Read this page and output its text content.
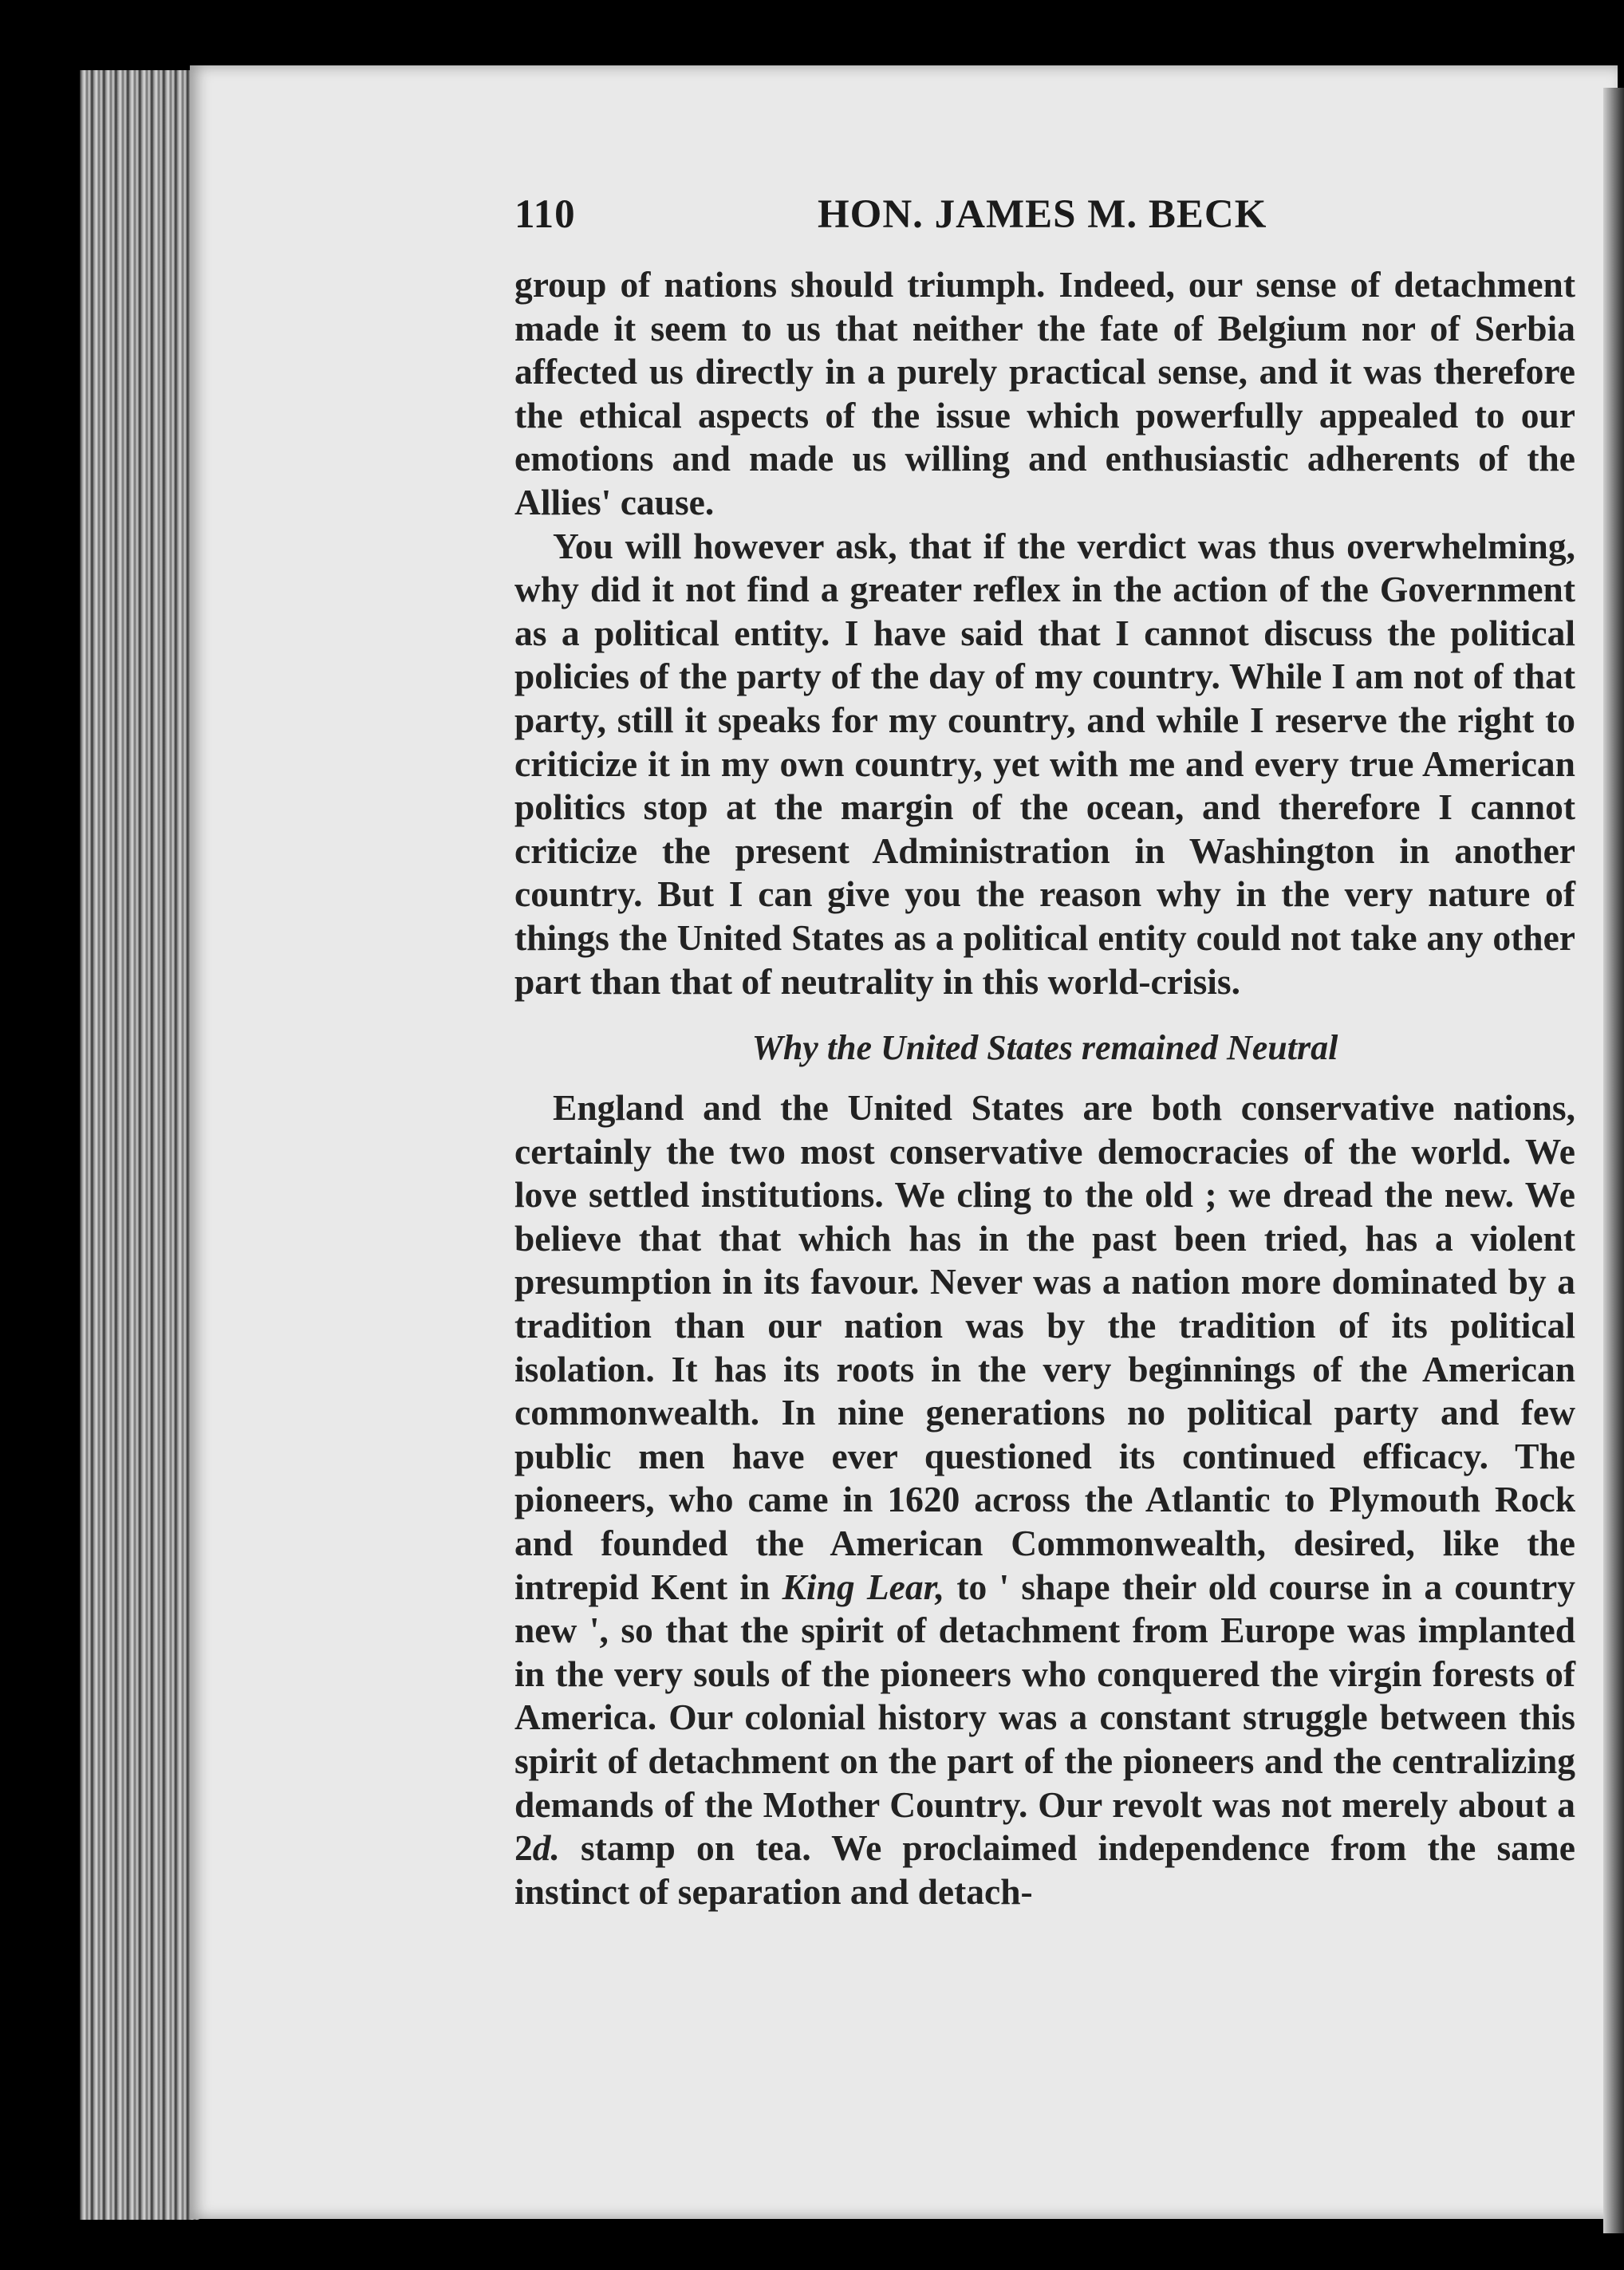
110	HON. JAMES M. BECK

group of nations should triumph. Indeed, our sense of detachment made it seem to us that neither the fate of Belgium nor of Serbia affected us directly in a purely practical sense, and it was therefore the ethical aspects of the issue which powerfully appealed to our emotions and made us willing and enthusiastic adherents of the Allies' cause.

You will however ask, that if the verdict was thus overwhelming, why did it not find a greater reflex in the action of the Government as a political entity. I have said that I cannot discuss the political policies of the party of the day of my country. While I am not of that party, still it speaks for my country, and while I reserve the right to criticize it in my own country, yet with me and every true American politics stop at the margin of the ocean, and therefore I cannot criticize the present Administration in Washington in another country. But I can give you the reason why in the very nature of things the United States as a political entity could not take any other part than that of neutrality in this world-crisis.

Why the United States remained Neutral

England and the United States are both conservative nations, certainly the two most conservative democracies of the world. We love settled institutions. We cling to the old ; we dread the new. We believe that that which has in the past been tried, has a violent presumption in its favour. Never was a nation more dominated by a tradition than our nation was by the tradition of its political isolation. It has its roots in the very beginnings of the American commonwealth. In nine generations no political party and few public men have ever questioned its continued efficacy. The pioneers, who came in 1620 across the Atlantic to Plymouth Rock and founded the American Commonwealth, desired, like the intrepid Kent in King Lear, to ' shape their old course in a country new ', so that the spirit of detachment from Europe was implanted in the very souls of the pioneers who conquered the virgin forests of America. Our colonial history was a constant struggle between this spirit of detachment on the part of the pioneers and the centralizing demands of the Mother Country. Our revolt was not merely about a 2d. stamp on tea. We proclaimed independence from the same instinct of separation and detach-
